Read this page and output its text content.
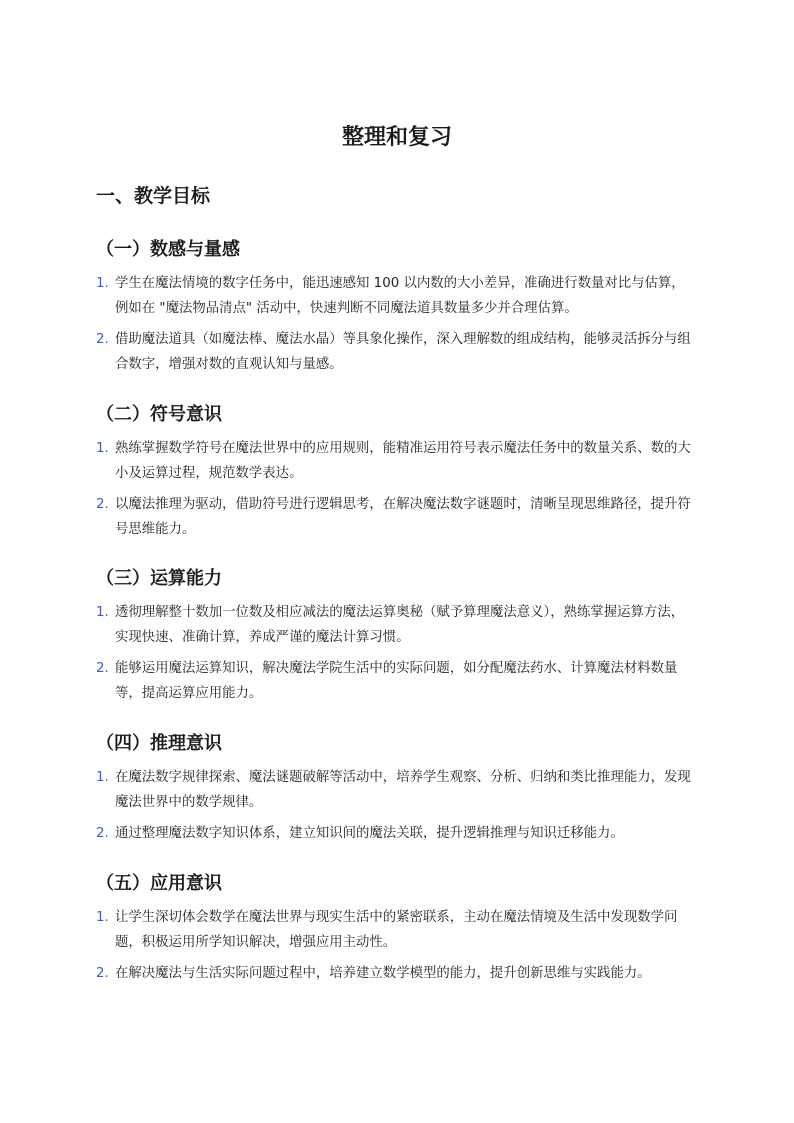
整理和复习
一、教学目标
（一）数感与量感
1. 学生在魔法情境的数字任务中，能迅速感知 100 以内数的大小差异，准确进行数量对比与估算，例如在 "魔法物品清点" 活动中，快速判断不同魔法道具数量多少并合理估算。
2. 借助魔法道具（如魔法棒、魔法水晶）等具象化操作，深入理解数的组成结构，能够灵活拆分与组合数字，增强对数的直观认知与量感。
（二）符号意识
1. 熟练掌握数学符号在魔法世界中的应用规则，能精准运用符号表示魔法任务中的数量关系、数的大小及运算过程，规范数学表达。
2. 以魔法推理为驱动，借助符号进行逻辑思考，在解决魔法数字谜题时，清晰呈现思维路径，提升符号思维能力。
（三）运算能力
1. 透彻理解整十数加一位数及相应减法的魔法运算奥秘（赋予算理魔法意义），熟练掌握运算方法，实现快速、准确计算，养成严谨的魔法计算习惯。
2. 能够运用魔法运算知识，解决魔法学院生活中的实际问题，如分配魔法药水、计算魔法材料数量等，提高运算应用能力。
（四）推理意识
1. 在魔法数字规律探索、魔法谜题破解等活动中，培养学生观察、分析、归纳和类比推理能力，发现魔法世界中的数学规律。
2. 通过整理魔法数字知识体系，建立知识间的魔法关联，提升逻辑推理与知识迁移能力。
（五）应用意识
1. 让学生深切体会数学在魔法世界与现实生活中的紧密联系，主动在魔法情境及生活中发现数学问题，积极运用所学知识解决，增强应用主动性。
2. 在解决魔法与生活实际问题过程中，培养建立数学模型的能力，提升创新思维与实践能力。
